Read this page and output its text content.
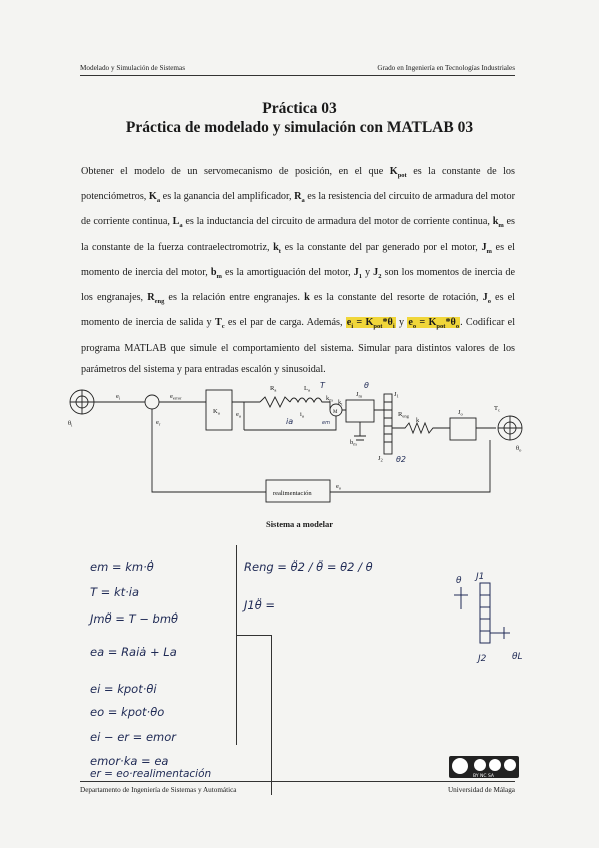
Modelado y Simulación de Sistemas	Grado en Ingeniería en Tecnologías Industriales
Práctica 03
Práctica de modelado y simulación con MATLAB 03
Obtener el modelo de un servomecanismo de posición, en el que $K_{pot}$ es la constante de los potenciómetros, $K_a$ es la ganancia del amplificador, $R_a$ es la resistencia del circuito de armadura del motor de corriente continua, $L_a$ es la inductancia del circuito de armadura del motor de corriente continua, $k_m$ es la constante de la fuerza contraelectromotriz, $k_t$ es la constante del par generado por el motor, $J_m$ es el momento de inercia del motor, $b_m$ es la amortiguación del motor, $J_1$ y $J_2$ son los momentos de inercia de los engranajes, $R_{eng}$ es la relación entre engranajes. k es la constante del resorte de rotación, $J_o$ es el momento de inercia de salida y $T_c$ es el par de carga. Además, $e_i = K_{pot}*\theta_i$ y $e_o = K_{pot}*\theta_o$. Codificar el programa MATLAB que simule el comportamiento del sistema. Simular para distintos valores de los parámetros del sistema y para entradas escalón y sinusoidal.
$e_i$	$e_{error}$
$e_r$
$K_a$	$e_a$
$R_a$	$L_a$
$i_a$
$k_m$ $k_t$
M
$J_m$	$J_1$
$b_m$
$R_{eng}$
$J_2$
k
$J_o$
$T_c$
$\theta_i$
$\theta_o$
$e_o$
realimentación
T	θ
ia	em
θ2
Sistema a modelar
em = km·θ̇
T = kt·ia
Jmθ̈ = T − bmθ̇
ea = Raiȧ + La
ei = kpot·θi
eo = kpot·θo
ei − er = emor
emor·ka = ea
er = eo·realimentación
Reng = θ̈2 / θ̈ = θ2 / θ
J1θ̈ =
θ J1
θL
J2
BY NC SA
Departamento de Ingeniería de Sistemas y Automática	Universidad de Málaga
